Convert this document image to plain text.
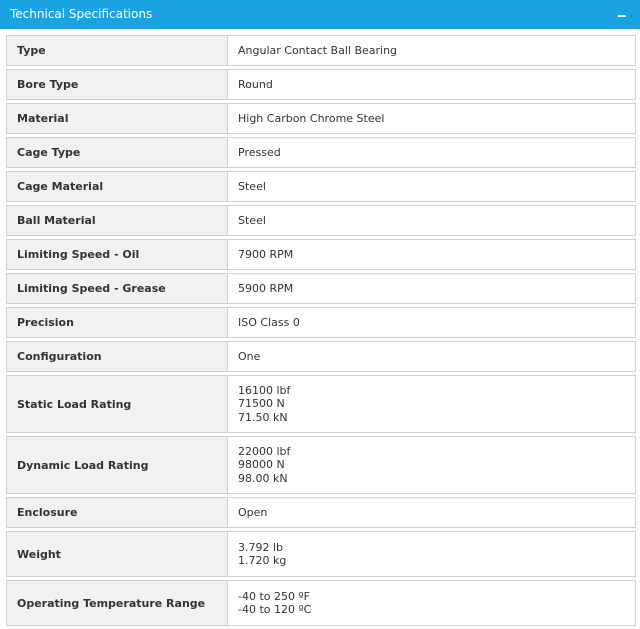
Technical Specifications
Type	Angular Contact Ball Bearing
Bore Type	Round
Material	High Carbon Chrome Steel
Cage Type	Pressed
Cage Material	Steel
Ball Material	Steel
Limiting Speed - Oil	7900 RPM
Limiting Speed - Grease	5900 RPM
Precision	ISO Class 0
Configuration	One
Static Load Rating	16100 lbf
71500 N
71.50 kN
Dynamic Load Rating	22000 lbf
98000 N
98.00 kN
Enclosure	Open
Weight	3.792 lb
1.720 kg
Operating Temperature Range	-40 to 250 ºF
-40 to 120 ºC
